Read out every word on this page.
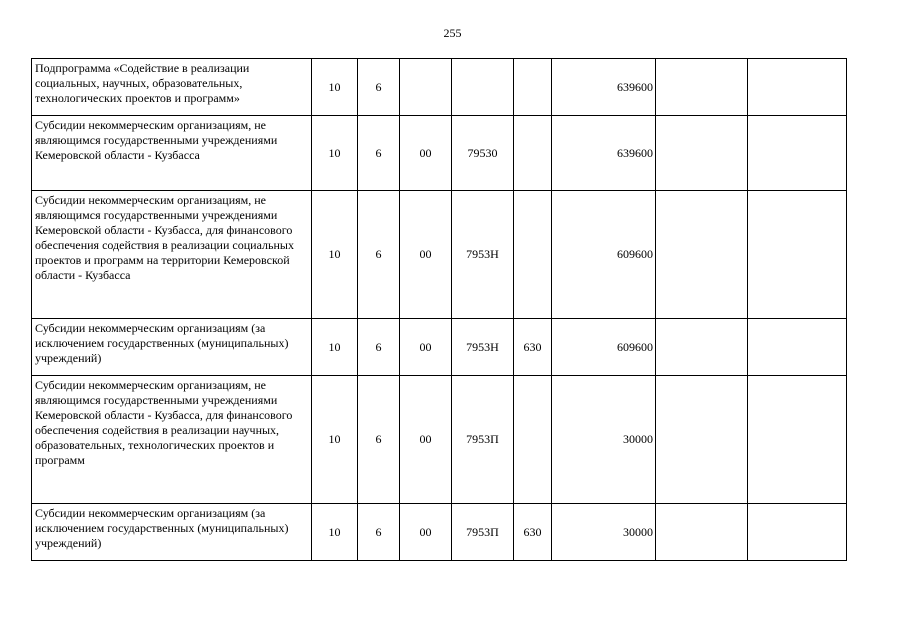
255
Подпрограмма «Содействие в реализации социальных, научных, образовательных, технологических проектов и программ»	10	6				639600		
Субсидии некоммерческим организациям, не являющимся государственными учреждениями Кемеровской области - Кузбасса	10	6	00	79530		639600		
Субсидии некоммерческим организациям, не являющимся государственными учреждениями Кемеровской области - Кузбасса, для финансового обеспечения содействия в реализации социальных проектов и программ на территории Кемеровской области - Кузбасса	10	6	00	7953Н		609600		
Субсидии некоммерческим организациям (за исключением государственных (муниципальных) учреждений)	10	6	00	7953Н	630	609600		
Субсидии некоммерческим организациям, не являющимся государственными учреждениями Кемеровской области - Кузбасса, для финансового обеспечения содействия в реализации научных, образовательных, технологических проектов и программ	10	6	00	7953П		30000		
Субсидии некоммерческим организациям (за исключением государственных (муниципальных) учреждений)	10	6	00	7953П	630	30000		
